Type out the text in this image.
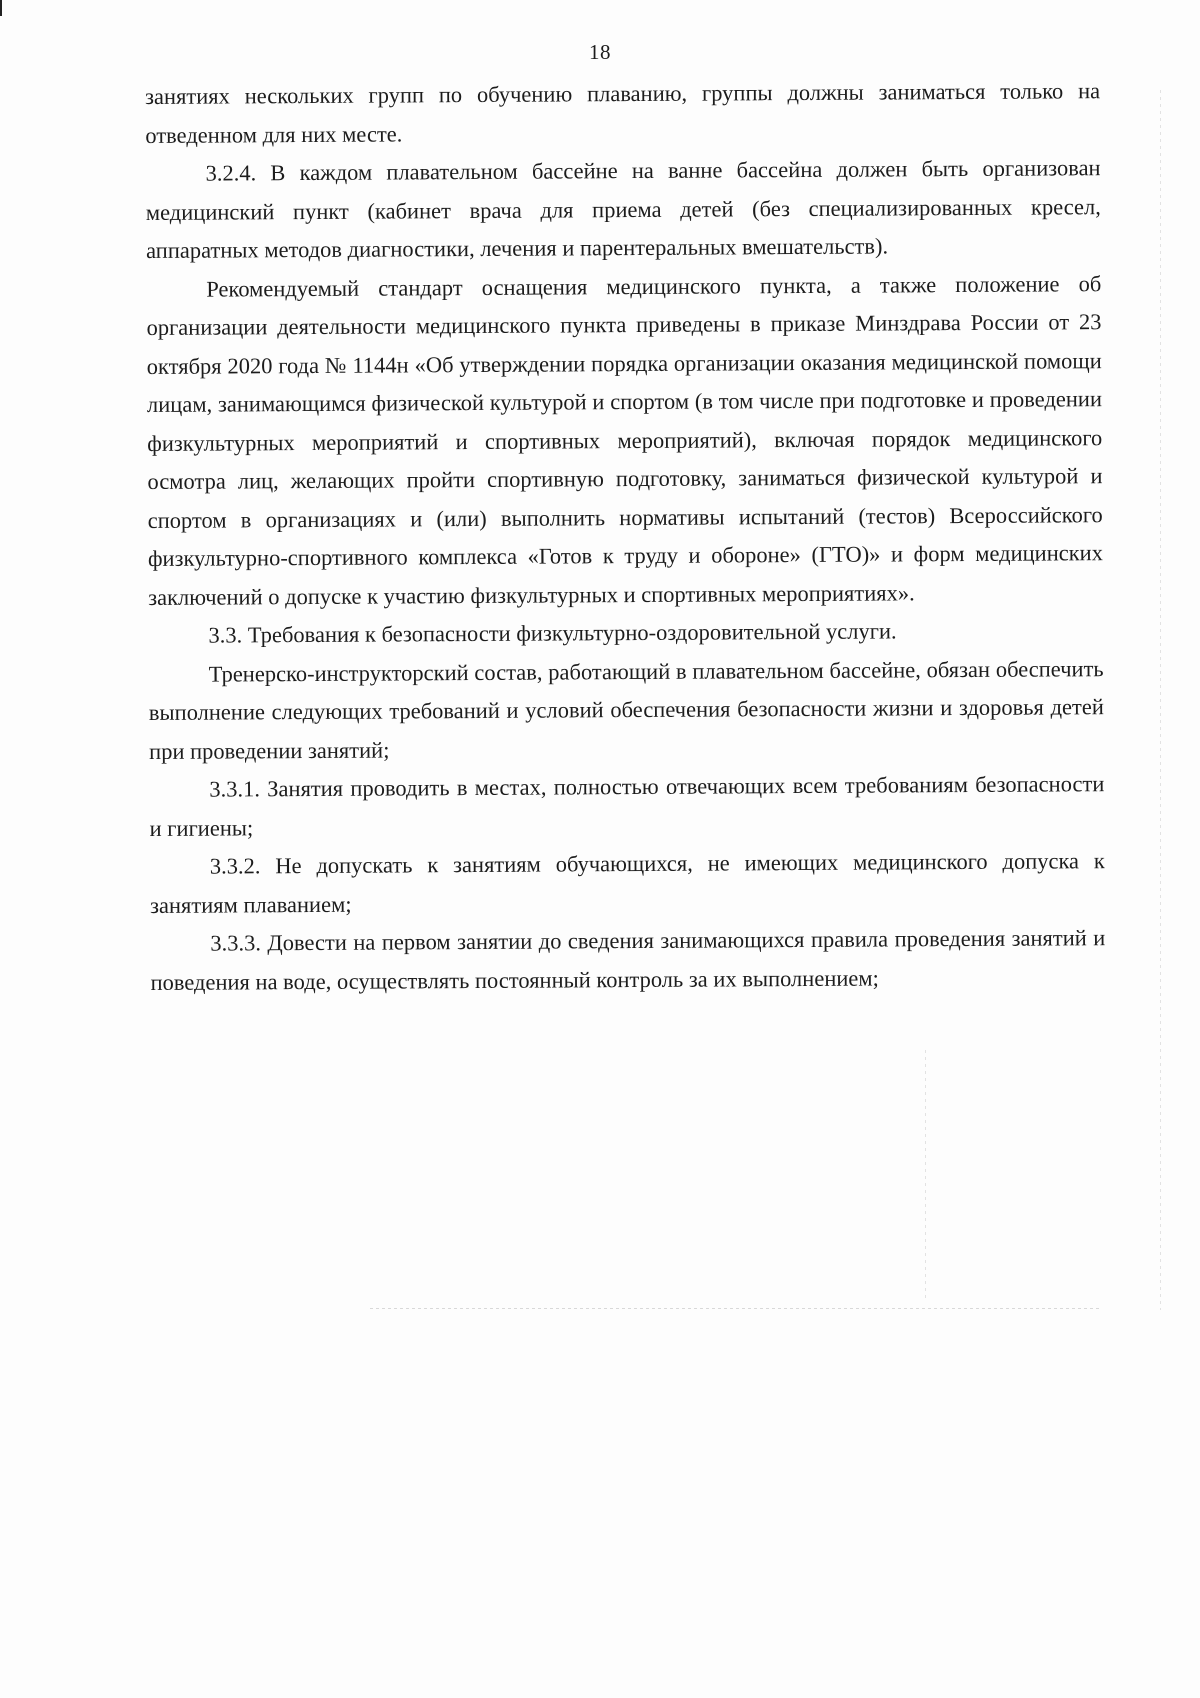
18

занятиях нескольких групп по обучению плаванию, группы должны заниматься только на отведенном для них месте.

3.2.4. В каждом плавательном бассейне на ванне бассейна должен быть организован медицинский пункт (кабинет врача для приема детей (без специализированных кресел, аппаратных методов диагностики, лечения и парентеральных вмешательств).

Рекомендуемый стандарт оснащения медицинского пункта, а также положение об организации деятельности медицинского пункта приведены в приказе Минздрава России от 23 октября 2020 года № 1144н «Об утверждении порядка организации оказания медицинской помощи лицам, занимающимся физической культурой и спортом (в том числе при подготовке и проведении физкультурных мероприятий и спортивных мероприятий), включая порядок медицинского осмотра лиц, желающих пройти спортивную подготовку, заниматься физической культурой и спортом в организациях и (или) выполнить нормативы испытаний (тестов) Всероссийского физкультурно-спортивного комплекса «Готов к труду и обороне» (ГТО)» и форм медицинских заключений о допуске к участию физкультурных и спортивных мероприятиях».

3.3. Требования к безопасности физкультурно-оздоровительной услуги.

Тренерско-инструкторский состав, работающий в плавательном бассейне, обязан обеспечить выполнение следующих требований и условий обеспечения безопасности жизни и здоровья детей при проведении занятий;

3.3.1. Занятия проводить в местах, полностью отвечающих всем требованиям безопасности и гигиены;

3.3.2. Не допускать к занятиям обучающихся, не имеющих медицинского допуска к занятиям плаванием;

3.3.3. Довести на первом занятии до сведения занимающихся правила проведения занятий и поведения на воде, осуществлять постоянный контроль за их выполнением;
